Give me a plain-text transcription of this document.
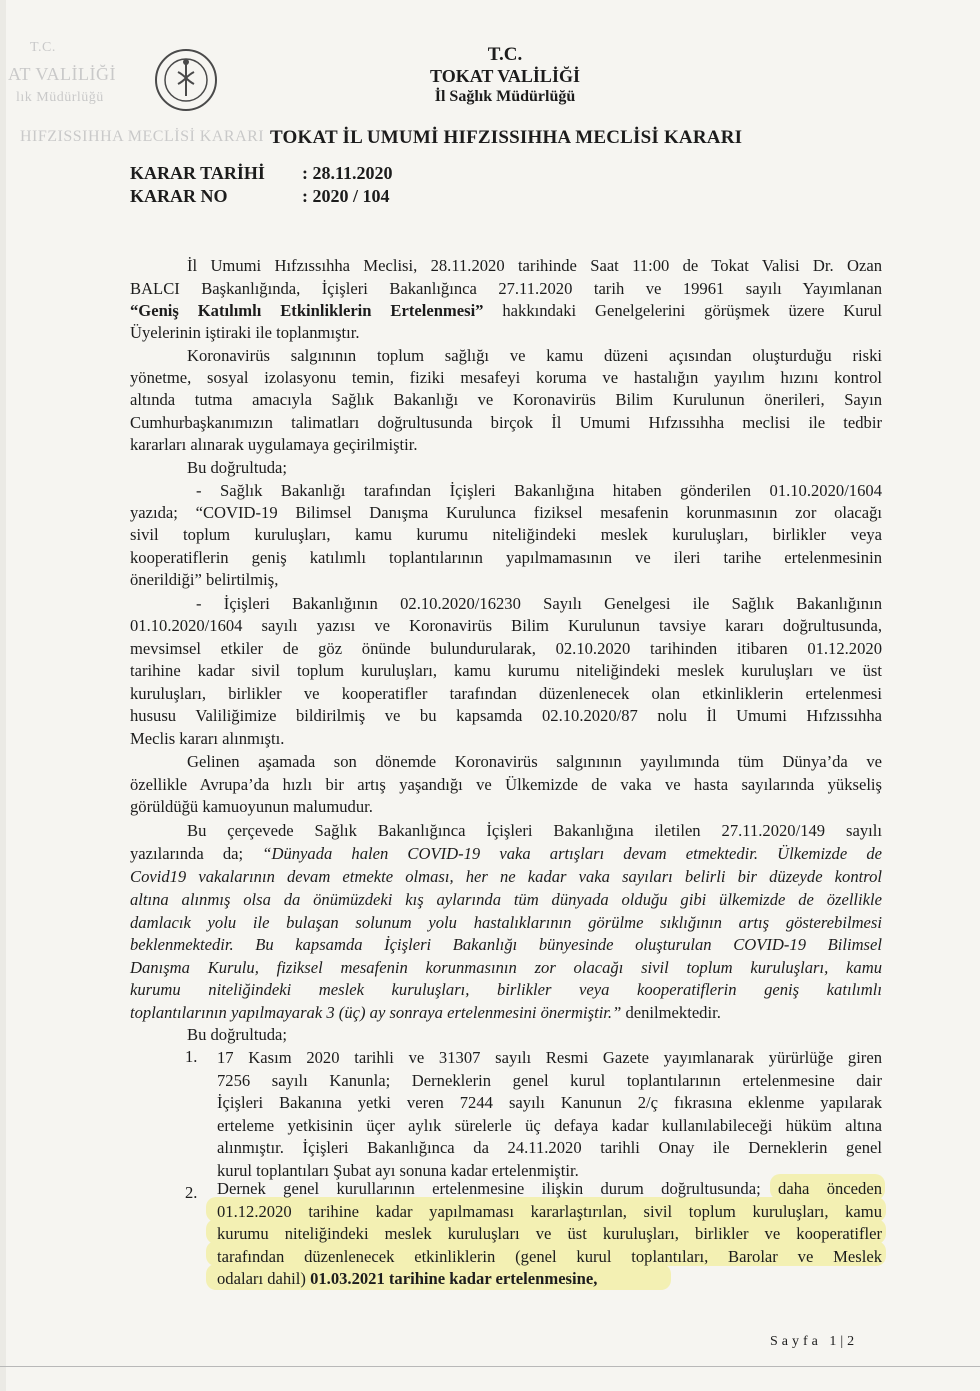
T.C.
AT VALİLİĞİ
lık Müdürlüğü
HIFZISSIHHA MECLİSİ KARARI
T.C.
TOKAT VALİLİĞİ
İl Sağlık Müdürlüğü
TOKAT İL UMUMİ HIFZISSIHHA MECLİSİ KARARI
KARAR TARİHİ : 28.11.2020
KARAR NO	: 2020 / 104
İl Umumi Hıfzıssıhha Meclisi, 28.11.2020 tarihinde Saat 11:00 de Tokat Valisi Dr. Ozan
BALCI Başkanlığında, İçişleri Bakanlığınca 27.11.2020 tarih ve 19961 sayılı Yayımlanan
“Geniş Katılımlı Etkinliklerin Ertelenmesi” hakkındaki Genelgelerini görüşmek üzere Kurul
Üyelerinin iştiraki ile toplanmıştır.
Koronavirüs salgınının toplum sağlığı ve kamu düzeni açısından oluşturduğu riski
yönetme, sosyal izolasyonu temin, fiziki mesafeyi koruma ve hastalığın yayılım hızını kontrol
altında tutma amacıyla Sağlık Bakanlığı ve Koronavirüs Bilim Kurulunun önerileri, Sayın
Cumhurbaşkanımızın talimatları doğrultusunda birçok İl Umumi Hıfzıssıhha meclisi ile tedbir
kararları alınarak uygulamaya geçirilmiştir.
Bu doğrultuda;
- Sağlık Bakanlığı tarafından İçişleri Bakanlığına hitaben gönderilen 01.10.2020/1604
yazıda; “COVID-19 Bilimsel Danışma Kurulunca fiziksel mesafenin korunmasının zor olacağı
sivil toplum kuruluşları, kamu kurumu niteliğindeki meslek kuruluşları, birlikler veya
kooperatiflerin geniş katılımlı toplantılarının yapılmamasının ve ileri tarihe ertelenmesinin
önerildiği” belirtilmiş,
- İçişleri Bakanlığının 02.10.2020/16230 Sayılı Genelgesi ile Sağlık Bakanlığının
01.10.2020/1604 sayılı yazısı ve Koronavirüs Bilim Kurulunun tavsiye kararı doğrultusunda,
mevsimsel etkiler de göz önünde bulundurularak, 02.10.2020 tarihinden itibaren 01.12.2020
tarihine kadar sivil toplum kuruluşları, kamu kurumu niteliğindeki meslek kuruluşları ve üst
kuruluşları, birlikler ve kooperatifler tarafından düzenlenecek olan etkinliklerin ertelenmesi
hususu Valiliğimize bildirilmiş ve bu kapsamda 02.10.2020/87 nolu İl Umumi Hıfzıssıhha
Meclis kararı alınmıştı.
Gelinen aşamada son dönemde Koronavirüs salgınının yayılımında tüm Dünya’da ve
özellikle Avrupa’da hızlı bir artış yaşandığı ve Ülkemizde de vaka ve hasta sayılarında yükseliş
görüldüğü kamuoyunun malumudur.
Bu çerçevede Sağlık Bakanlığınca İçişleri Bakanlığına iletilen 27.11.2020/149 sayılı
yazılarında da; “Dünyada halen COVID-19 vaka artışları devam etmektedir. Ülkemizde de
Covid19 vakalarının devam etmekte olması, her ne kadar vaka sayıları belirli bir düzeyde kontrol
altına alınmış olsa da önümüzdeki kış aylarında tüm dünyada olduğu gibi ülkemizde de özellikle
damlacık yolu ile bulaşan solunum yolu hastalıklarının görülme sıklığının artış gösterebilmesi
beklenmektedir. Bu kapsamda İçişleri Bakanlığı bünyesinde oluşturulan COVID-19 Bilimsel
Danışma Kurulu, fiziksel mesafenin korunmasının zor olacağı sivil toplum kuruluşları, kamu
kurumu niteliğindeki meslek kuruluşları, birlikler veya kooperatiflerin geniş katılımlı
toplantılarının yapılmayarak 3 (üç) ay sonraya ertelenmesini önermiştir.” denilmektedir.
Bu doğrultuda;
1. 17 Kasım 2020 tarihli ve 31307 sayılı Resmi Gazete yayımlanarak yürürlüğe giren
7256 sayılı Kanunla; Derneklerin genel kurul toplantılarının ertelenmesine dair
İçişleri Bakanına yetki veren 7244 sayılı Kanunun 2/ç fıkrasına eklenme yapılarak
erteleme yetkisinin üçer aylık sürelerle üç defaya kadar kullanılabileceği hüküm altına
alınmıştır. İçişleri Bakanlığınca da 24.11.2020 tarihli Onay ile Derneklerin genel
kurul toplantıları Şubat ayı sonuna kadar ertelenmiştir.
2. Dernek genel kurullarının ertelenmesine ilişkin durum doğrultusunda; daha önceden
01.12.2020 tarihine kadar yapılmaması kararlaştırılan, sivil toplum kuruluşları, kamu
kurumu niteliğindeki meslek kuruluşları ve üst kuruluşları, birlikler ve kooperatifler
tarafından düzenlenecek etkinliklerin (genel kurul toplantıları, Barolar ve Meslek
odaları dahil) 01.03.2021 tarihine kadar ertelenmesine,
Sayfa 1|2
